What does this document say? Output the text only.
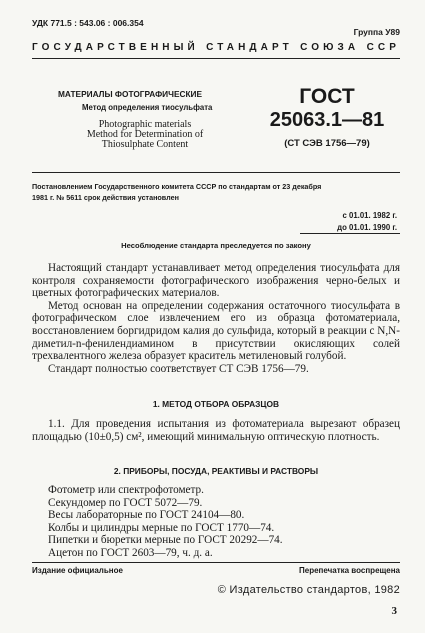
УДК 771.5 : 543.06 : 006.354
Группа У89
ГОСУДАРСТВЕННЫЙ СТАНДАРТ СОЮЗА ССР
МАТЕРИАЛЫ ФОТОГРАФИЧЕСКИЕ
Метод определения тиосульфата
Photographic materials
Method for Determination of
Thiosulphate Content
ГОСТ
25063.1—81
(СТ СЭВ 1756—79)
Постановлением Государственного комитета СССР по стандартам от 23 декабря
1981 г. № 5611 срок действия установлен
с 01.01. 1982 г.
до 01.01. 1990 г.
Несоблюдение стандарта преследуется по закону

Настоящий стандарт устанавливает метод определения тиосульфата для контроля сохраняемости фотографического изображения черно-белых и цветных фотографических материалов.

Метод основан на определении содержания остаточного тиосульфата в фотографическом слое извлечением его из образца фотоматериала, восстановлением боргидридом калия до сульфида, который в реакции с N,N-диметил-n-фенилендиамином в присутствии окисляющих солей трехвалентного железа образует краситель метиленовый голубой.

Стандарт полностью соответствует СТ СЭВ 1756—79.

1. МЕТОД ОТБОРА ОБРАЗЦОВ

1.1. Для проведения испытания из фотоматериала вырезают образец площадью (10±0,5) см², имеющий минимальную оптическую плотность.

2. ПРИБОРЫ, ПОСУДА, РЕАКТИВЫ И РАСТВОРЫ
Фотометр или спектрофотометр.
Секундомер по ГОСТ 5072—79.
Весы лабораторные по ГОСТ 24104—80.
Колбы и цилиндры мерные по ГОСТ 1770—74.
Пипетки и бюретки мерные по ГОСТ 20292—74.
Ацетон по ГОСТ 2603—79, ч. д. а.
Издание официальное	Перепечатка воспрещена
© Издательство стандартов, 1982
3
